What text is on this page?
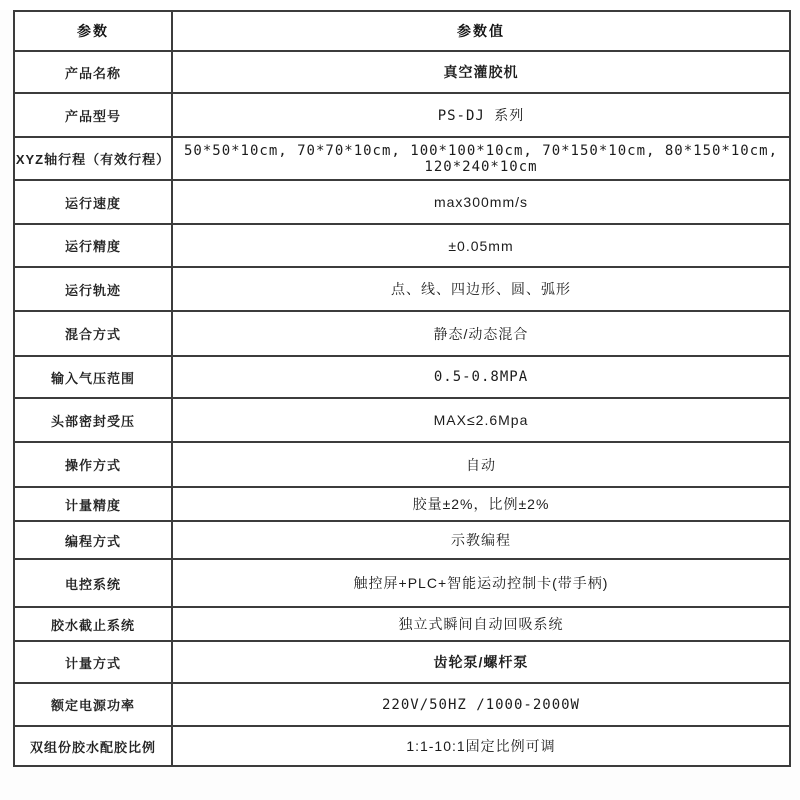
参数	参数值
产品名称	真空灌胶机
产品型号	PS-DJ 系列
XYZ轴行程（有效行程）	50*50*10cm, 70*70*10cm, 100*100*10cm, 70*150*10cm, 80*150*10cm, 120*240*10cm
运行速度	max300mm/s
运行精度	±0.05mm
运行轨迹	点、线、四边形、圆、弧形
混合方式	静态/动态混合
输入气压范围	0.5-0.8MPA
头部密封受压	MAX≤2.6Mpa
操作方式	自动
计量精度	胶量±2%，比例±2%
编程方式	示教编程
电控系统	触控屏+PLC+智能运动控制卡(带手柄)
胶水截止系统	独立式瞬间自动回吸系统
计量方式	齿轮泵/螺杆泵
额定电源功率	220V/50HZ /1000-2000W
双组份胶水配胶比例	1:1-10:1固定比例可调
